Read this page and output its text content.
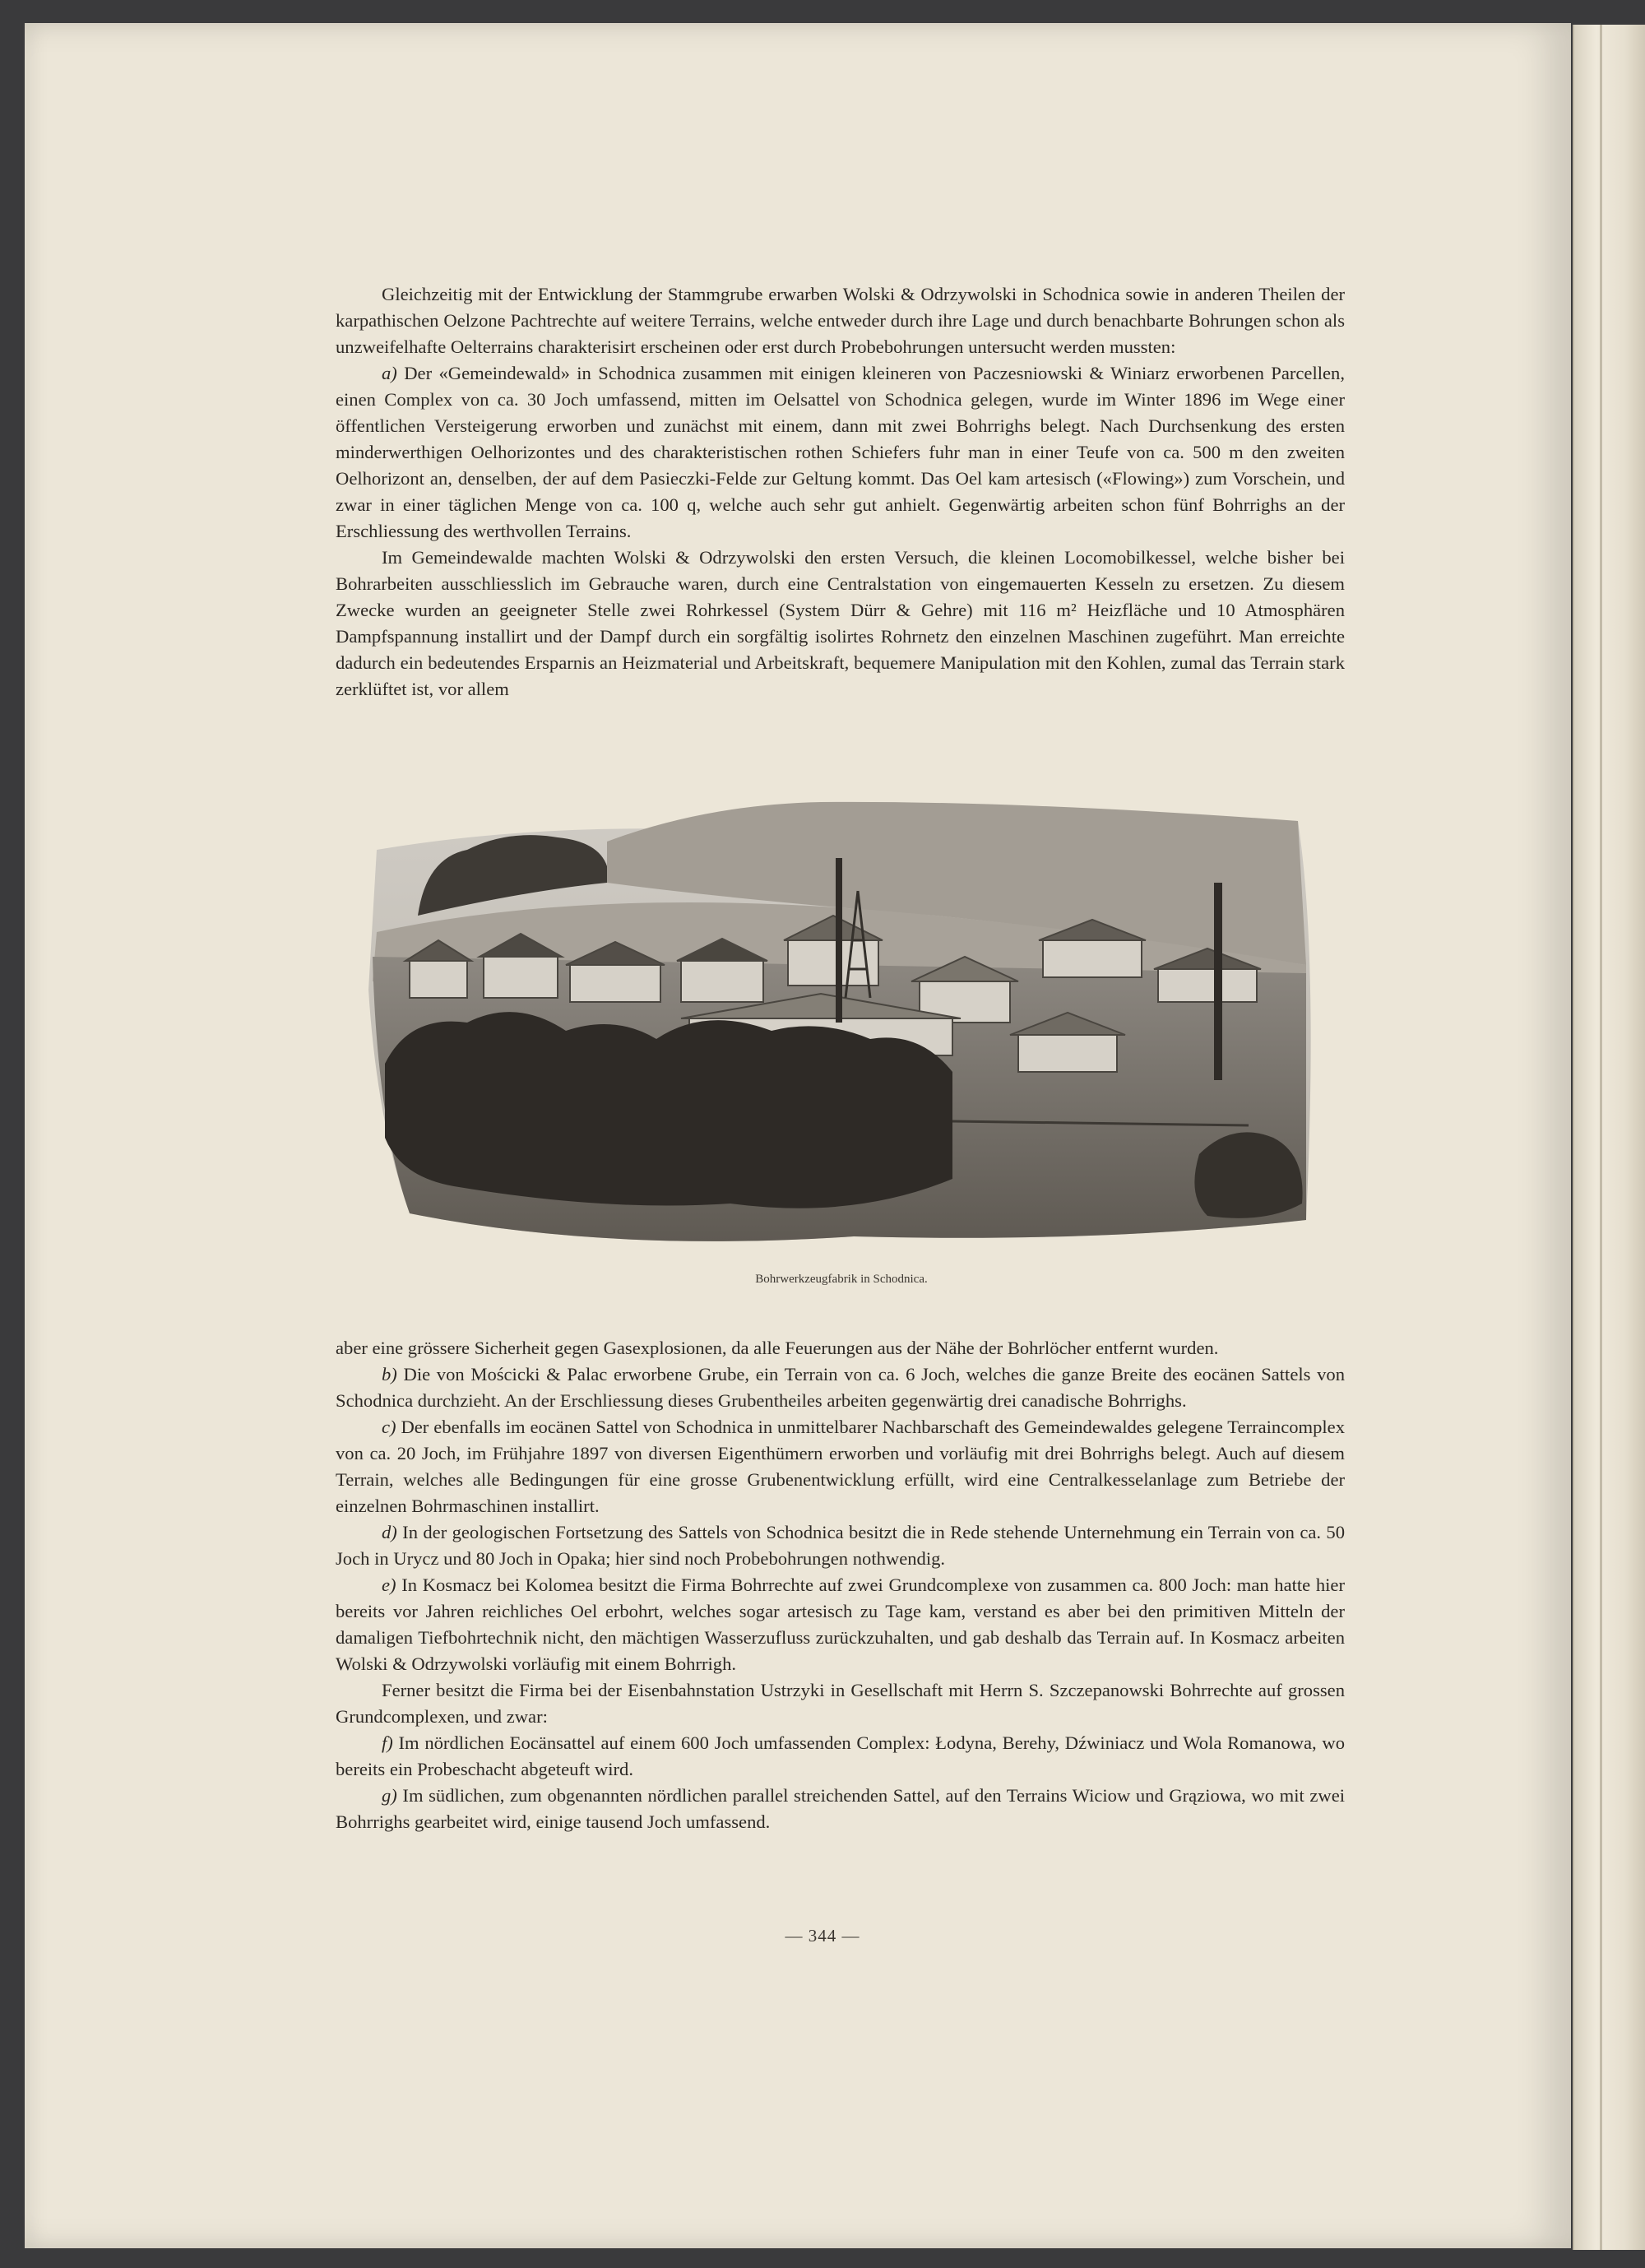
Gleichzeitig mit der Entwicklung der Stammgrube erwarben Wolski & Odrzywolski in Schodnica sowie in anderen Theilen der karpathischen Oelzone Pachtrechte auf weitere Terrains, welche entweder durch ihre Lage und durch benachbarte Bohrungen schon als unzweifelhafte Oelterrains charakterisirt erscheinen oder erst durch Probebohrungen untersucht werden mussten:

a) Der «Gemeindewald» in Schodnica zusammen mit einigen kleineren von Paczesniowski & Winiarz erworbenen Parcellen, einen Complex von ca. 30 Joch umfassend, mitten im Oelsattel von Schodnica gelegen, wurde im Winter 1896 im Wege einer öffentlichen Versteigerung erworben und zunächst mit einem, dann mit zwei Bohrrighs belegt. Nach Durchsenkung des ersten minderwerthigen Oelhorizontes und des charakteristischen rothen Schiefers fuhr man in einer Teufe von ca. 500 m den zweiten Oelhorizont an, denselben, der auf dem Pasieczki-Felde zur Geltung kommt. Das Oel kam artesisch («Flowing») zum Vorschein, und zwar in einer täglichen Menge von ca. 100 q, welche auch sehr gut anhielt. Gegenwärtig arbeiten schon fünf Bohrrighs an der Erschliessung des werthvollen Terrains.

Im Gemeindewalde machten Wolski & Odrzywolski den ersten Versuch, die kleinen Locomobilkessel, welche bisher bei Bohrarbeiten ausschliesslich im Gebrauche waren, durch eine Centralstation von eingemauerten Kesseln zu ersetzen. Zu diesem Zwecke wurden an geeigneter Stelle zwei Rohrkessel (System Dürr & Gehre) mit 116 m² Heizfläche und 10 Atmosphären Dampfspannung installirt und der Dampf durch ein sorgfältig isolirtes Rohrnetz den einzelnen Maschinen zugeführt. Man erreichte dadurch ein bedeutendes Ersparnis an Heizmaterial und Arbeitskraft, bequemere Manipulation mit den Kohlen, zumal das Terrain stark zerklüftet ist, vor allem

Bohrwerkzeugfabrik in Schodnica.

aber eine grössere Sicherheit gegen Gasexplosionen, da alle Feuerungen aus der Nähe der Bohrlöcher entfernt wurden.

b) Die von Mościcki & Palac erworbene Grube, ein Terrain von ca. 6 Joch, welches die ganze Breite des eocänen Sattels von Schodnica durchzieht. An der Erschliessung dieses Grubentheiles arbeiten gegenwärtig drei canadische Bohrrighs.

c) Der ebenfalls im eocänen Sattel von Schodnica in unmittelbarer Nachbarschaft des Gemeindewaldes gelegene Terraincomplex von ca. 20 Joch, im Frühjahre 1897 von diversen Eigenthümern erworben und vorläufig mit drei Bohrrighs belegt. Auch auf diesem Terrain, welches alle Bedingungen für eine grosse Grubenentwicklung erfüllt, wird eine Centralkesselanlage zum Betriebe der einzelnen Bohrmaschinen installirt.

d) In der geologischen Fortsetzung des Sattels von Schodnica besitzt die in Rede stehende Unternehmung ein Terrain von ca. 50 Joch in Urycz und 80 Joch in Opaka; hier sind noch Probebohrungen nothwendig.

e) In Kosmacz bei Kolomea besitzt die Firma Bohrrechte auf zwei Grundcomplexe von zusammen ca. 800 Joch: man hatte hier bereits vor Jahren reichliches Oel erbohrt, welches sogar artesisch zu Tage kam, verstand es aber bei den primitiven Mitteln der damaligen Tiefbohrtechnik nicht, den mächtigen Wasserzufluss zurückzuhalten, und gab deshalb das Terrain auf. In Kosmacz arbeiten Wolski & Odrzywolski vorläufig mit einem Bohrrigh.

Ferner besitzt die Firma bei der Eisenbahnstation Ustrzyki in Gesellschaft mit Herrn S. Szczepanowski Bohrrechte auf grossen Grundcomplexen, und zwar:

f) Im nördlichen Eocänsattel auf einem 600 Joch umfassenden Complex: Łodyna, Berehy, Dźwiniacz und Wola Romanowa, wo bereits ein Probeschacht abgeteuft wird.

g) Im südlichen, zum obgenannten nördlichen parallel streichenden Sattel, auf den Terrains Wiciow und Grąziowa, wo mit zwei Bohrrighs gearbeitet wird, einige tausend Joch umfassend.

— 344 —
